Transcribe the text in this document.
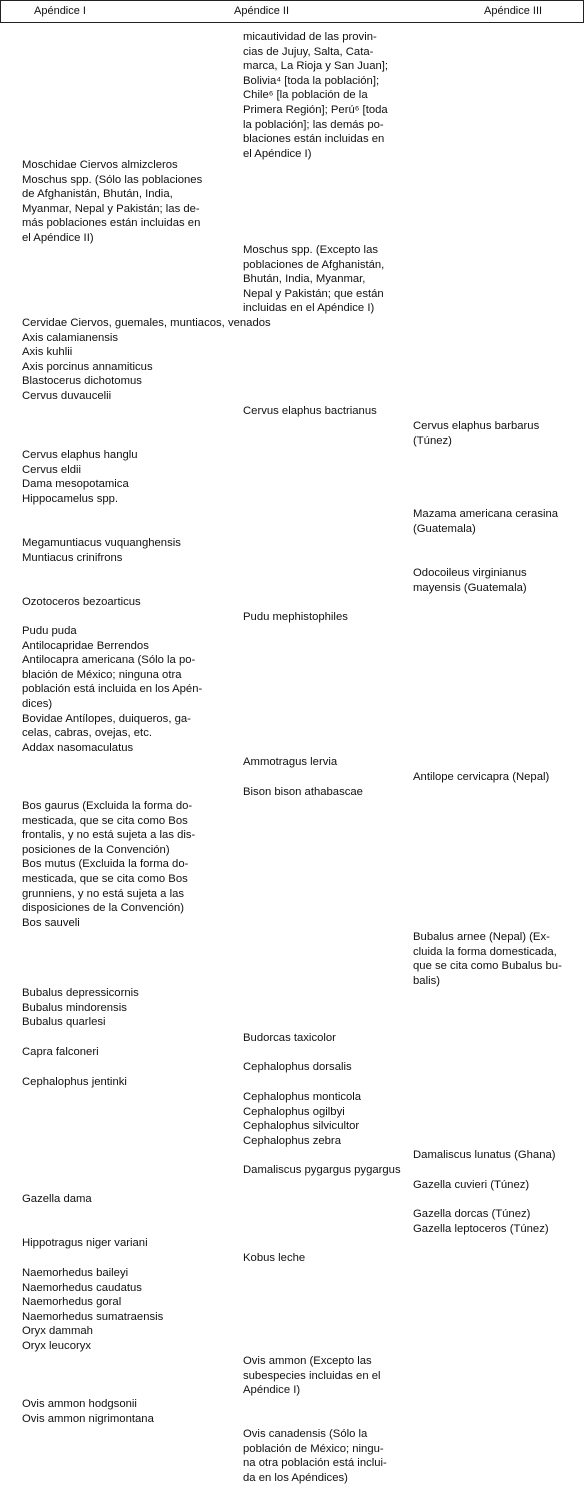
Apéndice I	Apéndice II	Apéndice III
micautividad de las provin-
cias de Jujuy, Salta, Cata-
marca, La Rioja y San Juan];
Bolivia⁴ [toda la población];
Chile⁶ [la población de la
Primera Región]; Perú⁶ [toda
la población]; las demás po-
blaciones están incluidas en
el Apéndice I)
Moschidae Ciervos almizcleros
Moschus spp. (Sólo las poblaciones
de Afghanistán, Bhután, India,
Myanmar, Nepal y Pakistán; las de-
más poblaciones están incluidas en
el Apéndice II)
Moschus spp. (Excepto las
poblaciones de Afghanistán,
Bhután, India, Myanmar,
Nepal y Pakistán; que están
incluidas en el Apéndice I)
Cervidae Ciervos, guemales, muntiacos, venados
Axis calamianensis
Axis kuhlii
Axis porcinus annamiticus
Blastocerus dichotomus
Cervus duvaucelii
Cervus elaphus bactrianus
Cervus elaphus barbarus
(Túnez)
Cervus elaphus hanglu
Cervus eldii
Dama mesopotamica
Hippocamelus spp.
Mazama americana cerasina
(Guatemala)
Megamuntiacus vuquanghensis
Muntiacus crinifrons
Odocoileus virginianus
mayensis (Guatemala)
Ozotoceros bezoarticus
Pudu mephistophiles
Pudu puda
Antilocapridae Berrendos
Antilocapra americana (Sólo la po-
blación de México; ninguna otra
población está incluida en los Apén-
dices)
Bovidae Antílopes, duiqueros, ga-
celas, cabras, ovejas, etc.
Addax nasomaculatus
Ammotragus lervia
Antilope cervicapra (Nepal)
Bison bison athabascae
Bos gaurus (Excluida la forma do-
mesticada, que se cita como Bos
frontalis, y no está sujeta a las dis-
posiciones de la Convención)
Bos mutus (Excluida la forma do-
mesticada, que se cita como Bos
grunniens, y no está sujeta a las
disposiciones de la Convención)
Bos sauveli
Bubalus arnee (Nepal) (Ex-
cluida la forma domesticada,
que se cita como Bubalus bu-
balis)
Bubalus depressicornis
Bubalus mindorensis
Bubalus quarlesi
Budorcas taxicolor
Capra falconeri
Cephalophus dorsalis
Cephalophus jentinki
Cephalophus monticola
Cephalophus ogilbyi
Cephalophus silvicultor
Cephalophus zebra
Damaliscus lunatus (Ghana)
Damaliscus pygargus pygargus
Gazella cuvieri (Túnez)
Gazella dama
Gazella dorcas (Túnez)
Gazella leptoceros (Túnez)
Hippotragus niger variani
Kobus leche
Naemorhedus baileyi
Naemorhedus caudatus
Naemorhedus goral
Naemorhedus sumatraensis
Oryx dammah
Oryx leucoryx
Ovis ammon (Excepto las
subespecies incluidas en el
Apéndice I)
Ovis ammon hodgsonii
Ovis ammon nigrimontana
Ovis canadensis (Sólo la
población de México; ningu-
na otra población está inclui-
da en los Apéndices)
